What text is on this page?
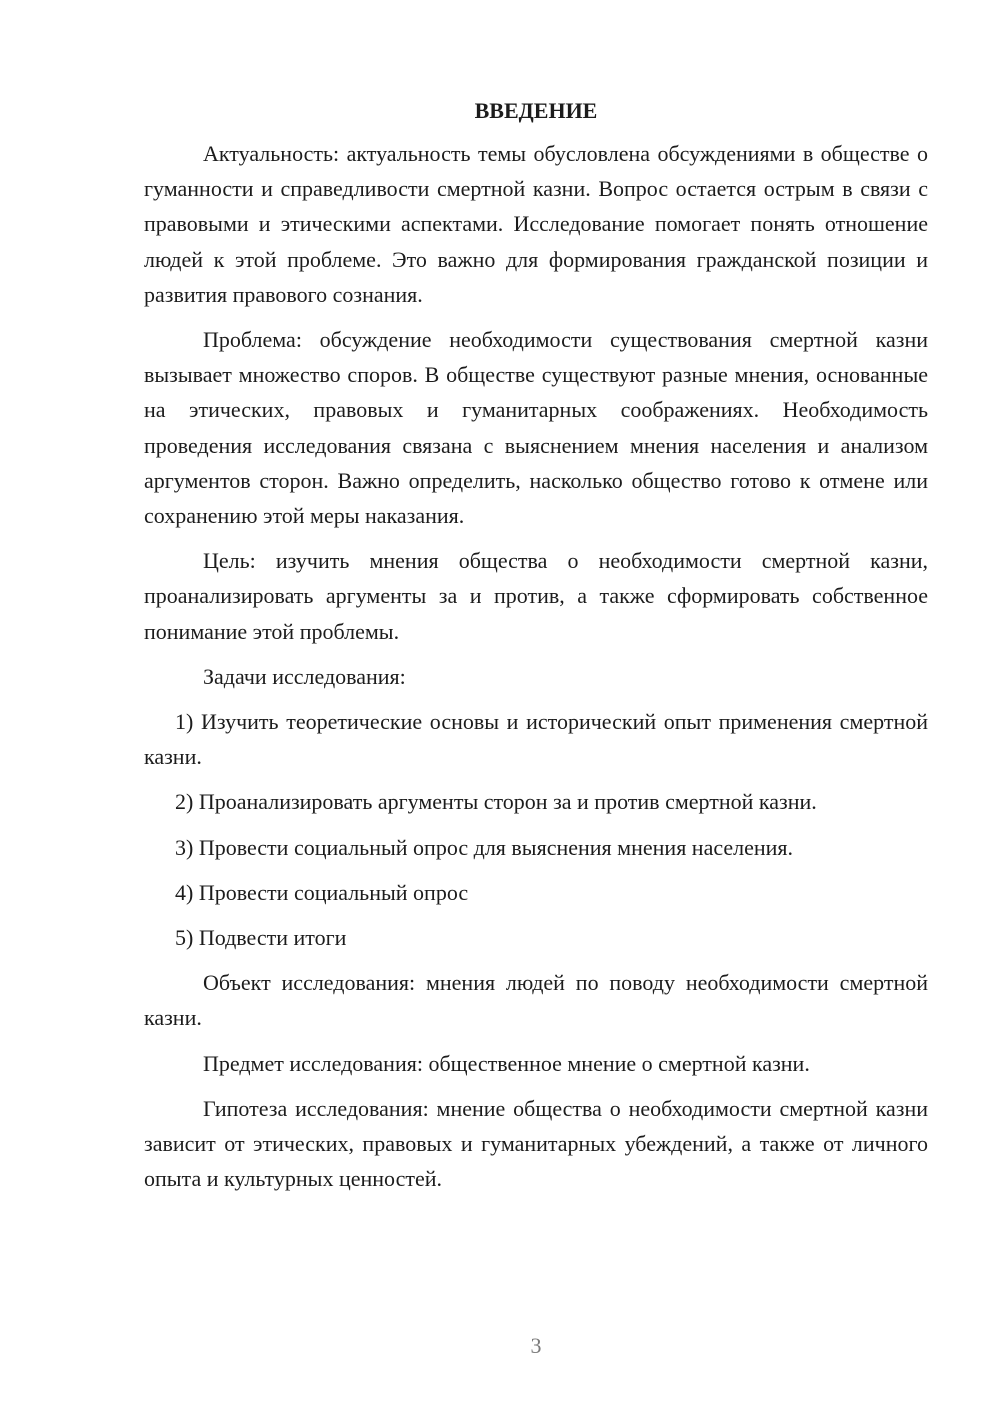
ВВЕДЕНИЕ

Актуальность: актуальность темы обусловлена обсуждениями в обществе о гуманности и справедливости смертной казни. Вопрос остается острым в связи с правовыми и этическими аспектами. Исследование помогает понять отношение людей к этой проблеме. Это важно для формирования гражданской позиции и развития правового сознания.

Проблема: обсуждение необходимости существования смертной казни вызывает множество споров. В обществе существуют разные мнения, основанные на этических, правовых и гуманитарных соображениях. Необходимость проведения исследования связана с выяснением мнения населения и анализом аргументов сторон. Важно определить, насколько общество готово к отмене или сохранению этой меры наказания.

Цель: изучить мнения общества о необходимости смертной казни, проанализировать аргументы за и против, а также сформировать собственное понимание этой проблемы.

Задачи исследования:

1) Изучить теоретические основы и исторический опыт применения смертной казни.

2) Проанализировать аргументы сторон за и против смертной казни.

3) Провести социальный опрос для выяснения мнения населения.

4) Провести социальный опрос

5) Подвести итоги

Объект исследования: мнения людей по поводу необходимости смертной казни.

Предмет исследования: общественное мнение о смертной казни.

Гипотеза исследования: мнение общества о необходимости смертной казни зависит от этических, правовых и гуманитарных убеждений, а также от личного опыта и культурных ценностей.

3
